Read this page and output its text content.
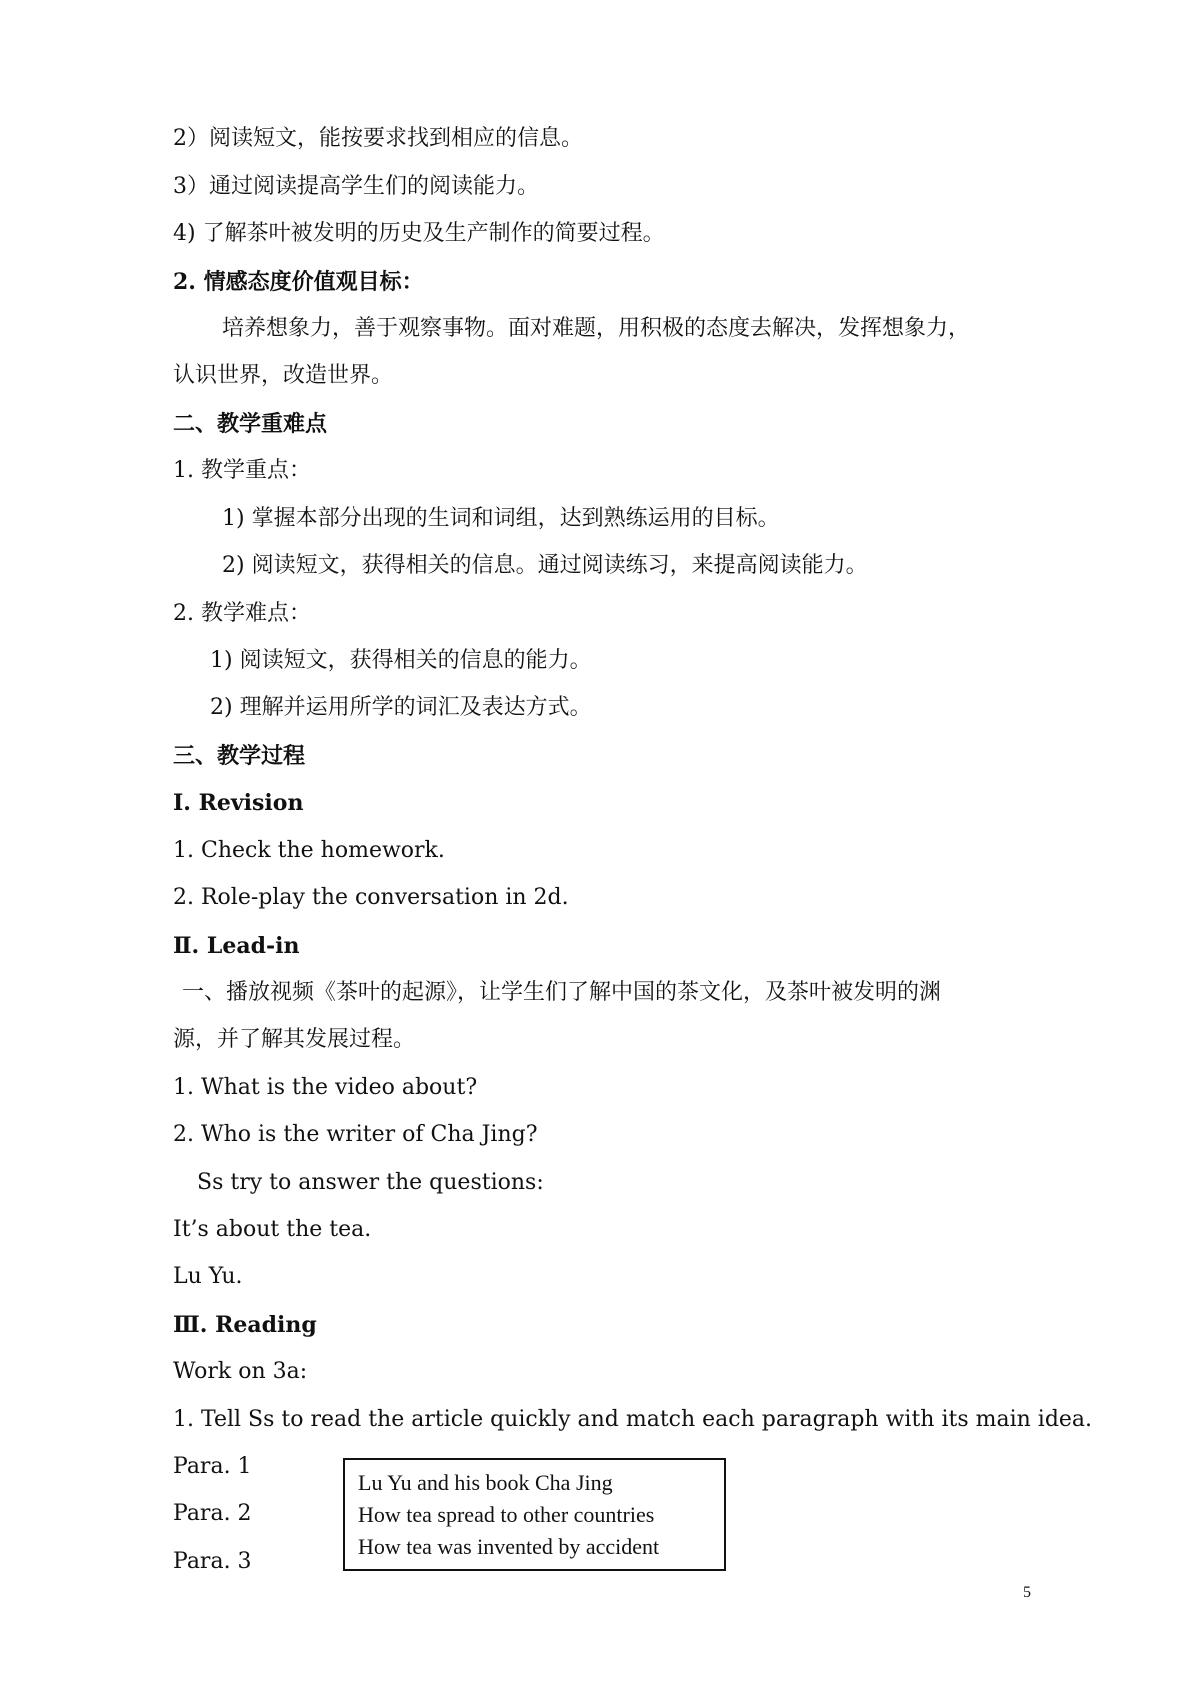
2）阅读短文，能按要求找到相应的信息。
3）通过阅读提高学生们的阅读能力。
4) 了解茶叶被发明的历史及生产制作的简要过程。
2. 情感态度价值观目标：
培养想象力，善于观察事物。面对难题，用积极的态度去解决，发挥想象力，
认识世界，改造世界。
二、教学重难点
1. 教学重点：
1) 掌握本部分出现的生词和词组，达到熟练运用的目标。
2) 阅读短文，获得相关的信息。通过阅读练习，来提高阅读能力。
2. 教学难点：
1) 阅读短文，获得相关的信息的能力。
2) 理解并运用所学的词汇及表达方式。
三、教学过程
Ⅰ. Revision
1. Check the homework.
2. Role-play the conversation in 2d.
Ⅱ. Lead-in
一、播放视频《茶叶的起源》，让学生们了解中国的茶文化，及茶叶被发明的渊
源，并了解其发展过程。
1. What is the video about?
2. Who is the writer of Cha Jing?
Ss try to answer the questions:
It’s about the tea.
Lu Yu.
Ⅲ. Reading
Work on 3a:
1. Tell Ss to read the article quickly and match each paragraph with its main idea.
Para. 1
Para. 2
Para. 3
Lu Yu and his book Cha Jing
How tea spread to other countries
How tea was invented by accident
5
